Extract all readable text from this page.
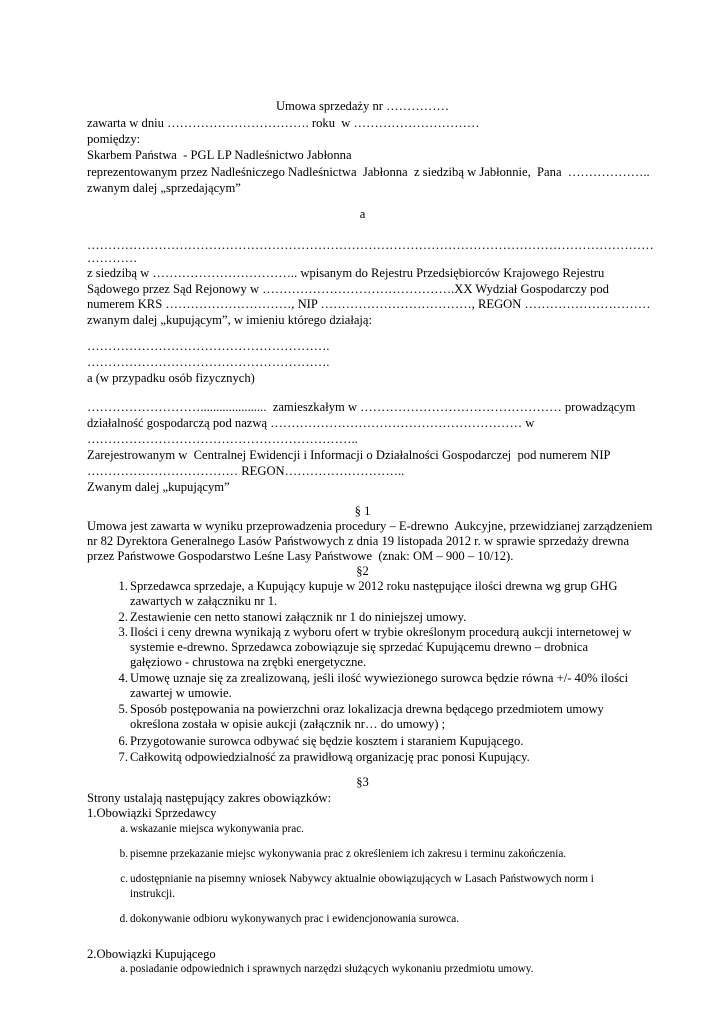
Umowa sprzedaży nr ……………
zawarta w dniu ……………………………. roku  w …………………………
pomiędzy:
Skarbem Państwa  - PGL LP Nadleśnictwo Jabłonna
reprezentowanym przez Nadleśniczego Nadleśnictwa  Jabłonna  z siedzibą w Jabłonnie,  Pana  ………………..
zwanym dalej „sprzedającym”
a
………………………………………………………………………………………………………………………
…………
z siedzibą w …………………………….. wpisanym do Rejestru Przedsiębiorców Krajowego Rejestru
Sądowego przez Sąd Rejonowy w ……………………………………….XX Wydział Gospodarczy pod
numerem KRS …………………………, NIP ………………………………, REGON …………………………
zwanym dalej „kupującym”, w imieniu którego działają:
………………………………………………….
………………………………………………….
a (w przypadku osób fizycznych)
……………………….....................  zamieszkałym w ………………………………………… prowadzącym
działalność gospodarczą pod nazwą …………………………………………………… w
………………………………………………………..
Zarejestrowanym w  Centralnej Ewidencji i Informacji o Działalności Gospodarczej  pod numerem NIP
……………………………… REGON………………………..
Zwanym dalej „kupującym”
§ 1
Umowa jest zawarta w wyniku przeprowadzenia procedury – E-drewno  Aukcyjne, przewidzianej zarządzeniem
nr 82 Dyrektora Generalnego Lasów Państwowych z dnia 19 listopada 2012 r. w sprawie sprzedaży drewna
przez Państwowe Gospodarstwo Leśne Lasy Państwowe  (znak: OM – 900 – 10/12).
§2
1. Sprzedawca sprzedaje, a Kupujący kupuje w 2012 roku następujące ilości drewna wg grup GHG zawartych w załączniku nr 1.
2. Zestawienie cen netto stanowi załącznik nr 1 do niniejszej umowy.
3. Ilości i ceny drewna wynikają z wyboru ofert w trybie określonym procedurą aukcji internetowej w systemie e-drewno. Sprzedawca zobowiązuje się sprzedać Kupującemu drewno – drobnica gałęziowo - chrustowa na zrębki energetyczne.
4. Umowę uznaje się za zrealizowaną, jeśli ilość wywiezionego surowca będzie równa +/- 40% ilości zawartej w umowie.
5. Sposób postępowania na powierzchni oraz lokalizacja drewna będącego przedmiotem umowy określona została w opisie aukcji (załącznik nr… do umowy) ;
6. Przygotowanie surowca odbywać się będzie kosztem i staraniem Kupującego.
7. Całkowitą odpowiedzialność za prawidłową organizację prac ponosi Kupujący.
§3
Strony ustalają następujący zakres obowiązków:
1.Obowiązki Sprzedawcy
a. wskazanie miejsca wykonywania prac.
b. pisemne przekazanie miejsc wykonywania prac z określeniem ich zakresu i terminu zakończenia.
c. udostępnianie na pisemny wniosek Nabywcy aktualnie obowiązujących w Lasach Państwowych norm i instrukcji.
d. dokonywanie odbioru wykonywanych prac i ewidencjonowania surowca.
2.Obowiązki Kupującego
a. posiadanie odpowiednich i sprawnych narzędzi służących wykonaniu przedmiotu umowy.
